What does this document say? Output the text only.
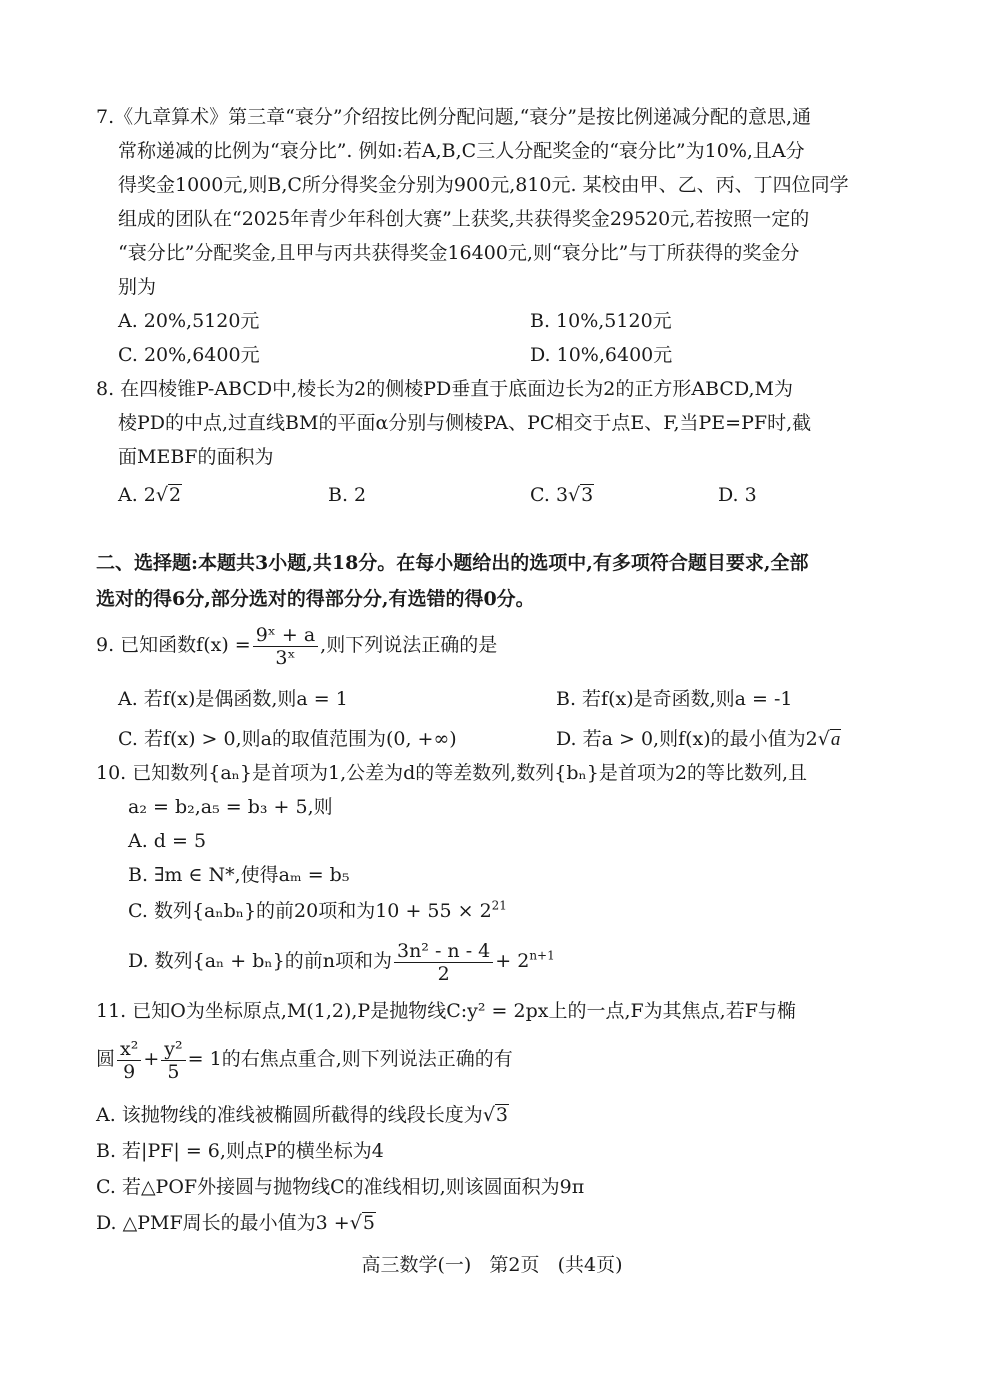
7.《九章算术》第三章“衰分”介绍按比例分配问题,“衰分”是按比例递减分配的意思,通
常称递减的比例为“衰分比”. 例如:若A,B,C三人分配奖金的“衰分比”为10%,且A分
得奖金1000元,则B,C所分得奖金分别为900元,810元. 某校由甲、乙、丙、丁四位同学
组成的团队在“2025年青少年科创大赛”上获奖,共获得奖金29520元,若按照一定的
“衰分比”分配奖金,且甲与丙共获得奖金16400元,则“衰分比”与丁所获得的奖金分
别为
A. 20%,5120元	B. 10%,5120元
C. 20%,6400元	D. 10%,6400元
8. 在四棱锥P-ABCD中,棱长为2的侧棱PD垂直于底面边长为2的正方形ABCD,M为
棱PD的中点,过直线BM的平面α分别与侧棱PA、PC相交于点E、F,当PE=PF时,截
面MEBF的面积为
A. 2√2	B. 2	C. 3√3	D. 3
二、选择题:本题共3小题,共18分。在每小题给出的选项中,有多项符合题目要求,全部
选对的得6分,部分选对的得部分分,有选错的得0分。
9. 已知函数$f(x) = \frac{\text{9ˣ + a}}{\text{3ˣ}}$ ,则下列说法正确的是
A. 若f(x)是偶函数,则a = 1	B. 若f(x)是奇函数,则a = -1
C. 若f(x) > 0,则a的取值范围为(0, +∞)	D. 若a > 0,则f(x)的最小值为2√a
10. 已知数列{aₙ}是首项为1,公差为d的等差数列,数列{bₙ}是首项为2的等比数列,且
a₂ = b₂,a₅ = b₃ + 5,则
A. d = 5
B. ∃m ∈ N*,使得aₘ = b₅
C. 数列{aₙbₙ}的前20项和为$10 + 55 \times 2^{21}$
D. 数列{aₙ + bₙ}的前n项和为 $\frac{\text{3n² - n - 4}}{2} + 2^{n+1}$
11. 已知O为坐标原点,M(1,2),P是抛物线C:y² = 2px上的一点,F为其焦点,若F与椭
圆 $\frac{\text{x²}}{9} + \frac{\text{y²}}{5} = 1$的右焦点重合,则下列说法正确的有
A. 该抛物线的准线被椭圆所截得的线段长度为√3
B. 若|PF| = 6,则点P的横坐标为4
C. 若△POF外接圆与抛物线C的准线相切,则该圆面积为9π
D. △PMF周长的最小值为3 +√5
高三数学(一)   第2页   (共4页)
